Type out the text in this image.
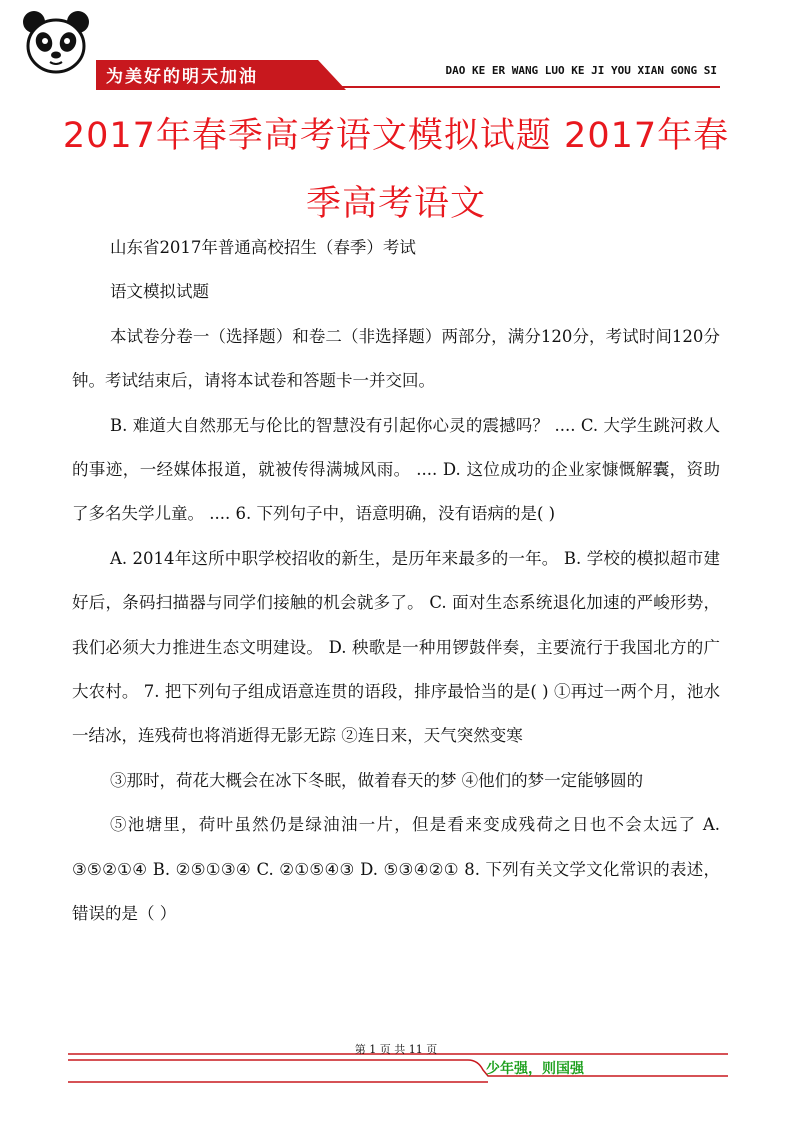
为美好的明天加油	DAO KE ER WANG LUO KE JI YOU XIAN GONG SI
2017年春季高考语文模拟试题 2017年春季高考语文

山东省2017年普通高校招生（春季）考试

语文模拟试题

本试卷分卷一（选择题）和卷二（非选择题）两部分，满分120分，考试时间120分钟。考试结束后，请将本试卷和答题卡一并交回。

B. 难道大自然那无与伦比的智慧没有引起你心灵的震撼吗？ .... C. 大学生跳河救人的事迹，一经媒体报道，就被传得满城风雨。 .... D. 这位成功的企业家慷慨解囊，资助了多名失学儿童。 .... 6. 下列句子中，语意明确，没有语病的是( )

A. 2014年这所中职学校招收的新生，是历年来最多的一年。 B. 学校的模拟超市建好后，条码扫描器与同学们接触的机会就多了。 C. 面对生态系统退化加速的严峻形势，我们必须大力推进生态文明建设。 D. 秧歌是一种用锣鼓伴奏，主要流行于我国北方的广大农村。 7. 把下列句子组成语意连贯的语段，排序最恰当的是( ) ①再过一两个月，池水一结冰，连残荷也将消逝得无影无踪 ②连日来，天气突然变寒

③那时，荷花大概会在冰下冬眠，做着春天的梦 ④他们的梦一定能够圆的

⑤池塘里，荷叶虽然仍是绿油油一片，但是看来变成残荷之日也不会太远了 A. ③⑤②①④ B. ②⑤①③④ C. ②①⑤④③ D. ⑤③④②① 8. 下列有关文学文化常识的表述，错误的是（ ）

第 1 页 共 11 页
少年强，则国强
